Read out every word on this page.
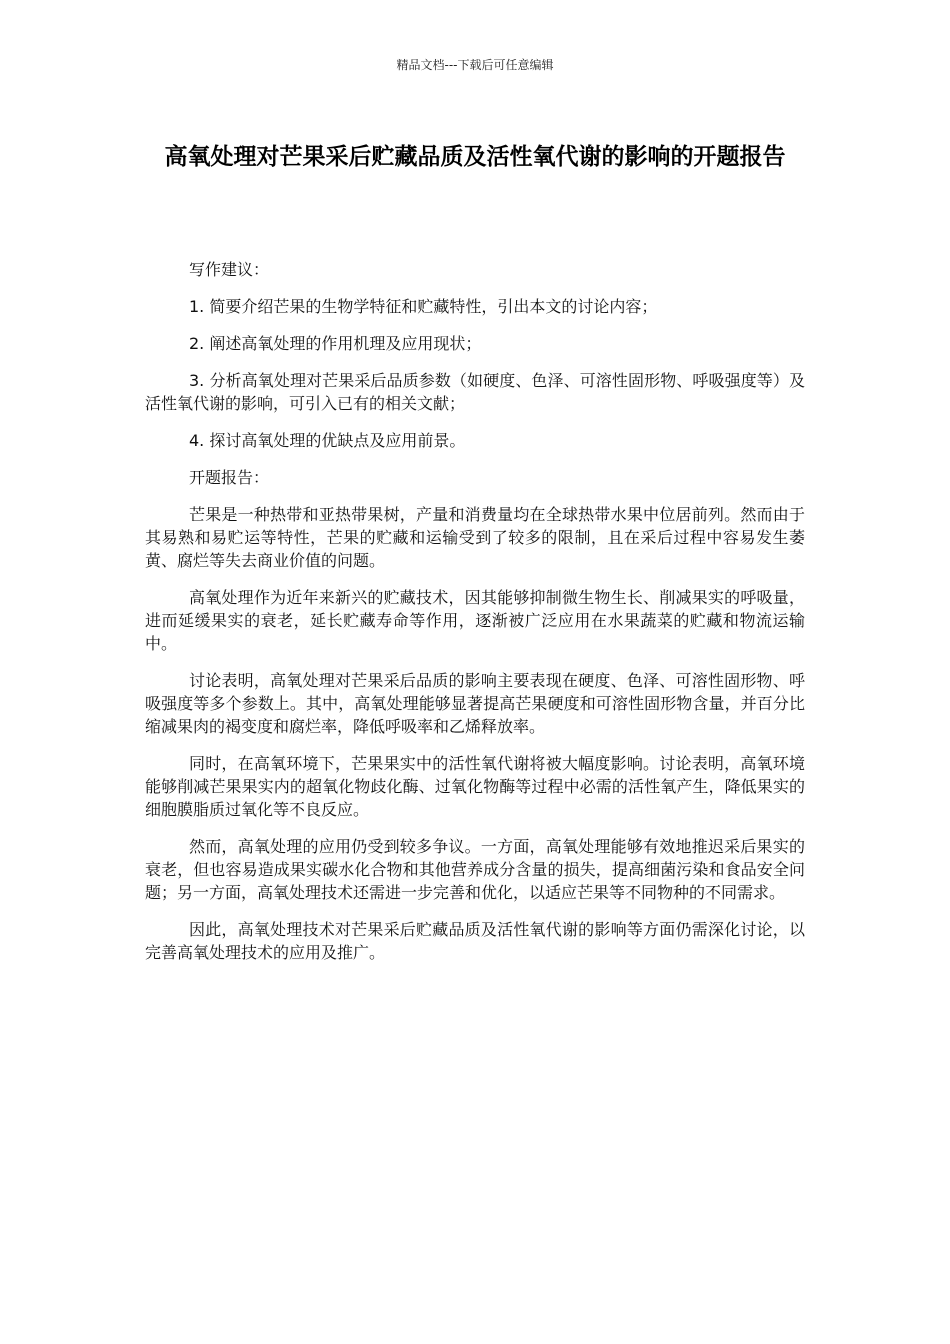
精品文档---下载后可任意编辑
高氧处理对芒果采后贮藏品质及活性氧代谢的影响的开题报告

写作建议：

1. 简要介绍芒果的生物学特征和贮藏特性，引出本文的讨论内容；

2. 阐述高氧处理的作用机理及应用现状；

3. 分析高氧处理对芒果采后品质参数（如硬度、色泽、可溶性固形物、呼吸强度等）及活性氧代谢的影响，可引入已有的相关文献；

4. 探讨高氧处理的优缺点及应用前景。

开题报告：

芒果是一种热带和亚热带果树，产量和消费量均在全球热带水果中位居前列。然而由于其易熟和易贮运等特性，芒果的贮藏和运输受到了较多的限制，且在采后过程中容易发生萎黄、腐烂等失去商业价值的问题。

高氧处理作为近年来新兴的贮藏技术，因其能够抑制微生物生长、削减果实的呼吸量，进而延缓果实的衰老，延长贮藏寿命等作用，逐渐被广泛应用在水果蔬菜的贮藏和物流运输中。

讨论表明，高氧处理对芒果采后品质的影响主要表现在硬度、色泽、可溶性固形物、呼吸强度等多个参数上。其中，高氧处理能够显著提高芒果硬度和可溶性固形物含量，并百分比缩减果肉的褐变度和腐烂率，降低呼吸率和乙烯释放率。

同时，在高氧环境下，芒果果实中的活性氧代谢将被大幅度影响。讨论表明，高氧环境能够削减芒果果实内的超氧化物歧化酶、过氧化物酶等过程中必需的活性氧产生，降低果实的细胞膜脂质过氧化等不良反应。

然而，高氧处理的应用仍受到较多争议。一方面，高氧处理能够有效地推迟采后果实的衰老，但也容易造成果实碳水化合物和其他营养成分含量的损失，提高细菌污染和食品安全问题；另一方面，高氧处理技术还需进一步完善和优化，以适应芒果等不同物种的不同需求。

因此，高氧处理技术对芒果采后贮藏品质及活性氧代谢的影响等方面仍需深化讨论，以完善高氧处理技术的应用及推广。
